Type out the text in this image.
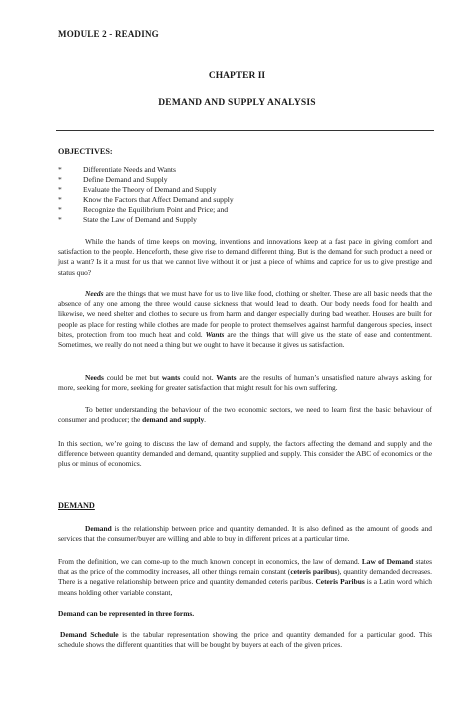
MODULE 2 - READING
CHAPTER II
DEMAND AND SUPPLY ANALYSIS
OBJECTIVES:
*	Differentiate Needs and Wants
*	Define Demand and Supply
*	Evaluate the Theory of Demand and Supply
*	Know the Factors that Affect Demand and supply
*	Recognize the Equilibrium Point and Price; and
*	State the Law of Demand and Supply

While the hands of time keeps on moving, inventions and innovations keep at a fast pace in giving comfort and satisfaction to the people. Henceforth, these give rise to demand different thing. But is the demand for such product a need or just a want? Is it a must for us that we cannot live without it or just a piece of whims and caprice for us to give prestige and status quo?

Needs are the things that we must have for us to live like food, clothing or shelter. These are all basic needs that the absence of any one among the three would cause sickness that would lead to death. Our body needs food for health and likewise, we need shelter and clothes to secure us from harm and danger especially during bad weather. Houses are built for people as place for resting while clothes are made for people to protect themselves against harmful dangerous species, insect bites, protection from too much heat and cold. Wants are the things that will give us the state of ease and contentment. Sometimes, we really do not need a thing but we ought to have it because it gives us satisfaction.

Needs could be met but wants could not. Wants are the results of human’s unsatisfied nature always asking for more, seeking for more, seeking for greater satisfaction that might result for his own suffering.

To better understanding the behaviour of the two economic sectors, we need to learn first the basic behaviour of consumer and producer; the demand and supply.

In this section, we’re going to discuss the law of demand and supply, the factors affecting the demand and supply and the difference between quantity demanded and demand, quantity supplied and supply. This consider the ABC of economics or the plus or minus of economics.

DEMAND

Demand is the relationship between price and quantity demanded. It is also defined as the amount of goods and services that the consumer/buyer are willing and able to buy in different prices at a particular time.

From the definition, we can come-up to the much known concept in economics, the law of demand. Law of Demand states that as the price of the commodity increases, all other things remain constant (ceteris paribus), quantity demanded decreases. There is a negative relationship between price and quantity demanded ceteris paribus. Ceteris Paribus is a Latin word which means holding other variable constant,

Demand can be represented in three forms.

Demand Schedule is the tabular representation showing the price and quantity demanded for a particular good. This schedule shows the different quantities that will be bought by buyers at each of the given prices.
